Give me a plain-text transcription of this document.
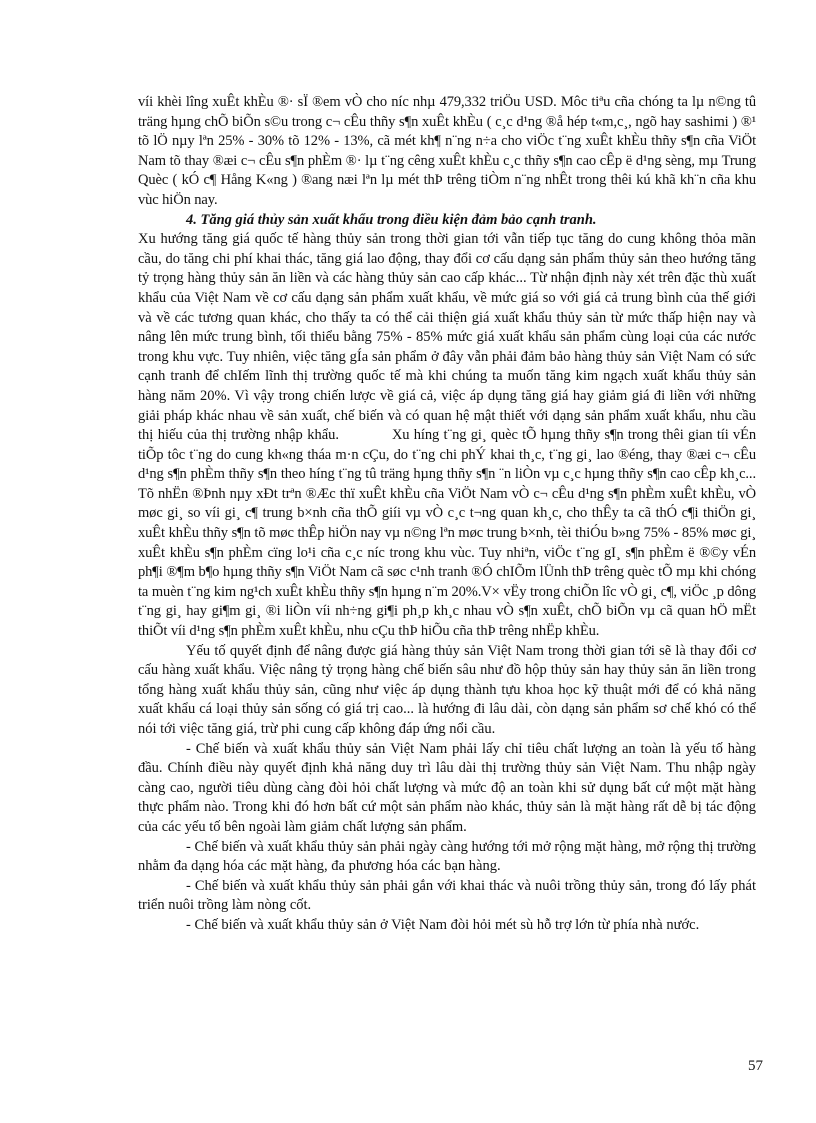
víi khèi lîng xuÊt khÈu ®· sÏ ®em vÒ cho níc nhµ 479,332 triÖu USD. Môc tiªu cña chóng ta lµ n©ng tû träng hµng chÕ biÕn s©u trong c¬ cÊu thñy s¶n xuÊt khÈu ( c¸c d¹ng ®å hép t«m,c¸, ngõ hay sashimi ) ®¹ tõ lÖ nµy lªn 25% - 30% tõ 12% - 13%, cã mét kh¶ n¨ng n÷a cho viÖc t¨ng xuÊt khÈu thñy s¶n cña ViÖt Nam tõ thay ®æi c¬ cÊu s¶n phÈm ®· lµ t¨ng cêng xuÊt khÈu c¸c thñy s¶n cao cÊp ë d¹ng sèng, mµ Trung Quèc ( kÓ c¶ Hång K«ng ) ®ang næi lªn lµ mét thÞ trêng tiÒm n¨ng nhÊt trong thêi kú khã kh¨n cña khu vùc hiÖn nay.

4. Tăng giá thủy sản xuất khẩu trong điều kiện đảm bảo cạnh tranh.

Xu hướng tăng giá quốc tế hàng thủy sản trong thời gian tới vẫn tiếp tục tăng do cung không thỏa mãn cầu, do tăng chi phí khai thác, tăng giá lao động, thay đổi cơ cấu dạng sản phẩm thủy sản theo hướng tăng tỷ trọng hàng thủy sản ăn liền và các hàng thủy sản cao cấp khác... Từ nhận định này xét trên đặc thù xuất khẩu của Việt Nam về cơ cấu dạng sản phẩm xuất khẩu, về mức giá so với giá cả trung bình của thế giới và về các tương quan khác, cho thấy ta có thể cải thiện giá xuất khẩu thủy sản từ mức thấp hiện nay và nâng lên mức trung bình, tối thiểu bằng 75% - 85% mức giá xuất khẩu sản phẩm cùng loại của các nước trong khu vực. Tuy nhiên, việc tăng gÍa sản phẩm ở đây vẫn phải đảm bảo hàng thủy sản Việt Nam có sức cạnh tranh để chIếm lĩnh thị trường quốc tế mà khi chúng ta muốn tăng kim ngạch xuất khẩu thủy sản hàng năm 20%. Vì vậy trong chiến lược về giá cả, việc áp dụng tăng giá hay giảm giá đi liền với những giải pháp khác nhau về sản xuất, chế biến và có quan hệ mật thiết với dạng sản phẩm xuất khẩu, nhu cầu thị hiếu của thị trường nhập khẩu.	Xu híng t¨ng gi¸ quèc tÕ hµng thñy s¶n trong thêi gian tíi vÉn tiÕp tôc t¨ng do cung kh«ng tháa m·n cÇu, do t¨ng chi phÝ khai th¸c, t¨ng gi¸ lao ®éng, thay ®æi c¬ cÊu d¹ng s¶n phÈm thñy s¶n theo híng t¨ng tû träng hµng thñy s¶n ¨n liÒn vµ c¸c hµng thñy s¶n cao cÊp kh¸c... Tõ nhËn ®Þnh nµy xÐt trªn ®Æc thï xuÊt khÈu cña ViÖt Nam vÒ c¬ cÊu d¹ng s¶n phÈm xuÊt khÈu, vÒ møc gi¸ so víi gi¸ c¶ trung b×nh cña thÕ giíi vµ vÒ c¸c t¬ng quan kh¸c, cho thÊy ta cã thÓ c¶i thiÖn gi¸ xuÊt khÈu thñy s¶n tõ møc thÊp hiÖn nay vµ n©ng lªn møc trung b×nh, tèi thiÓu b»ng 75% - 85% møc gi¸ xuÊt khÈu s¶n phÈm cïng lo¹i cña c¸c níc trong khu vùc. Tuy nhiªn, viÖc t¨ng gI¸ s¶n phÈm ë ®©y vÉn ph¶i ®¶m b¶o hµng thñy s¶n ViÖt Nam cã søc c¹nh tranh ®Ó chIÕm lÜnh thÞ trêng quèc tÕ mµ khi chóng ta muèn t¨ng kim ng¹ch xuÊt khÈu thñy s¶n hµng n¨m 20%.V× vËy trong chiÕn lîc vÒ gi¸ c¶, viÖc ¸p dông t¨ng gi¸ hay gi¶m gi¸ ®i liÒn víi nh÷ng gi¶i ph¸p kh¸c nhau vÒ s¶n xuÊt, chÕ biÕn vµ cã quan hÖ mËt thiÕt víi d¹ng s¶n phÈm xuÊt khÈu, nhu cÇu thÞ hiÕu cña thÞ trêng nhËp khÈu.

Yếu tố quyết định để nâng được giá hàng thủy sản Việt Nam trong thời gian tới sẽ là thay đổi cơ cấu hàng xuất khẩu. Việc nâng tỷ trọng hàng chế biến sâu như đồ hộp thủy sản hay thủy sản ăn liền trong tổng hàng xuất khẩu thủy sản, cũng như việc áp dụng thành tựu khoa học kỹ thuật mới để có khả năng xuất khẩu cá loại thủy sản sống có giá trị cao... là hướng đi lâu dài, còn dạng sản phẩm sơ chế khó có thể nói tới việc tăng giá, trừ phi cung cấp không đáp ứng nổi cầu.

- Chế biến và xuất khẩu thủy sản Việt Nam phải lấy chỉ tiêu chất lượng an toàn là yếu tố hàng đầu. Chính điều này quyết định khả năng duy trì lâu dài thị trường thủy sản Việt Nam. Thu nhập ngày càng cao, người tiêu dùng càng đòi hỏi chất lượng và mức độ an toàn khi sử dụng bất cứ một mặt hàng thực phẩm nào. Trong khi đó hơn bất cứ một sản phẩm nào khác, thủy sản là mặt hàng rất dễ bị tác động của các yếu tố bên ngoài làm giảm chất lượng sản phẩm.

- Chế biến và xuất khẩu thủy sản phải ngày càng hướng tới mở rộng mặt hàng, mở rộng thị trường nhằm đa dạng hóa các mặt hàng, đa phương hóa các bạn hàng.

- Chế biến và xuất khẩu thủy sản phải gắn với khai thác và nuôi trồng thủy sản, trong đó lấy phát triển nuôi trồng làm nòng cốt.

- Chế biến và xuất khẩu thủy sản ở Việt Nam đòi hỏi mét sù hỗ trợ lớn từ phía nhà nước.

57
